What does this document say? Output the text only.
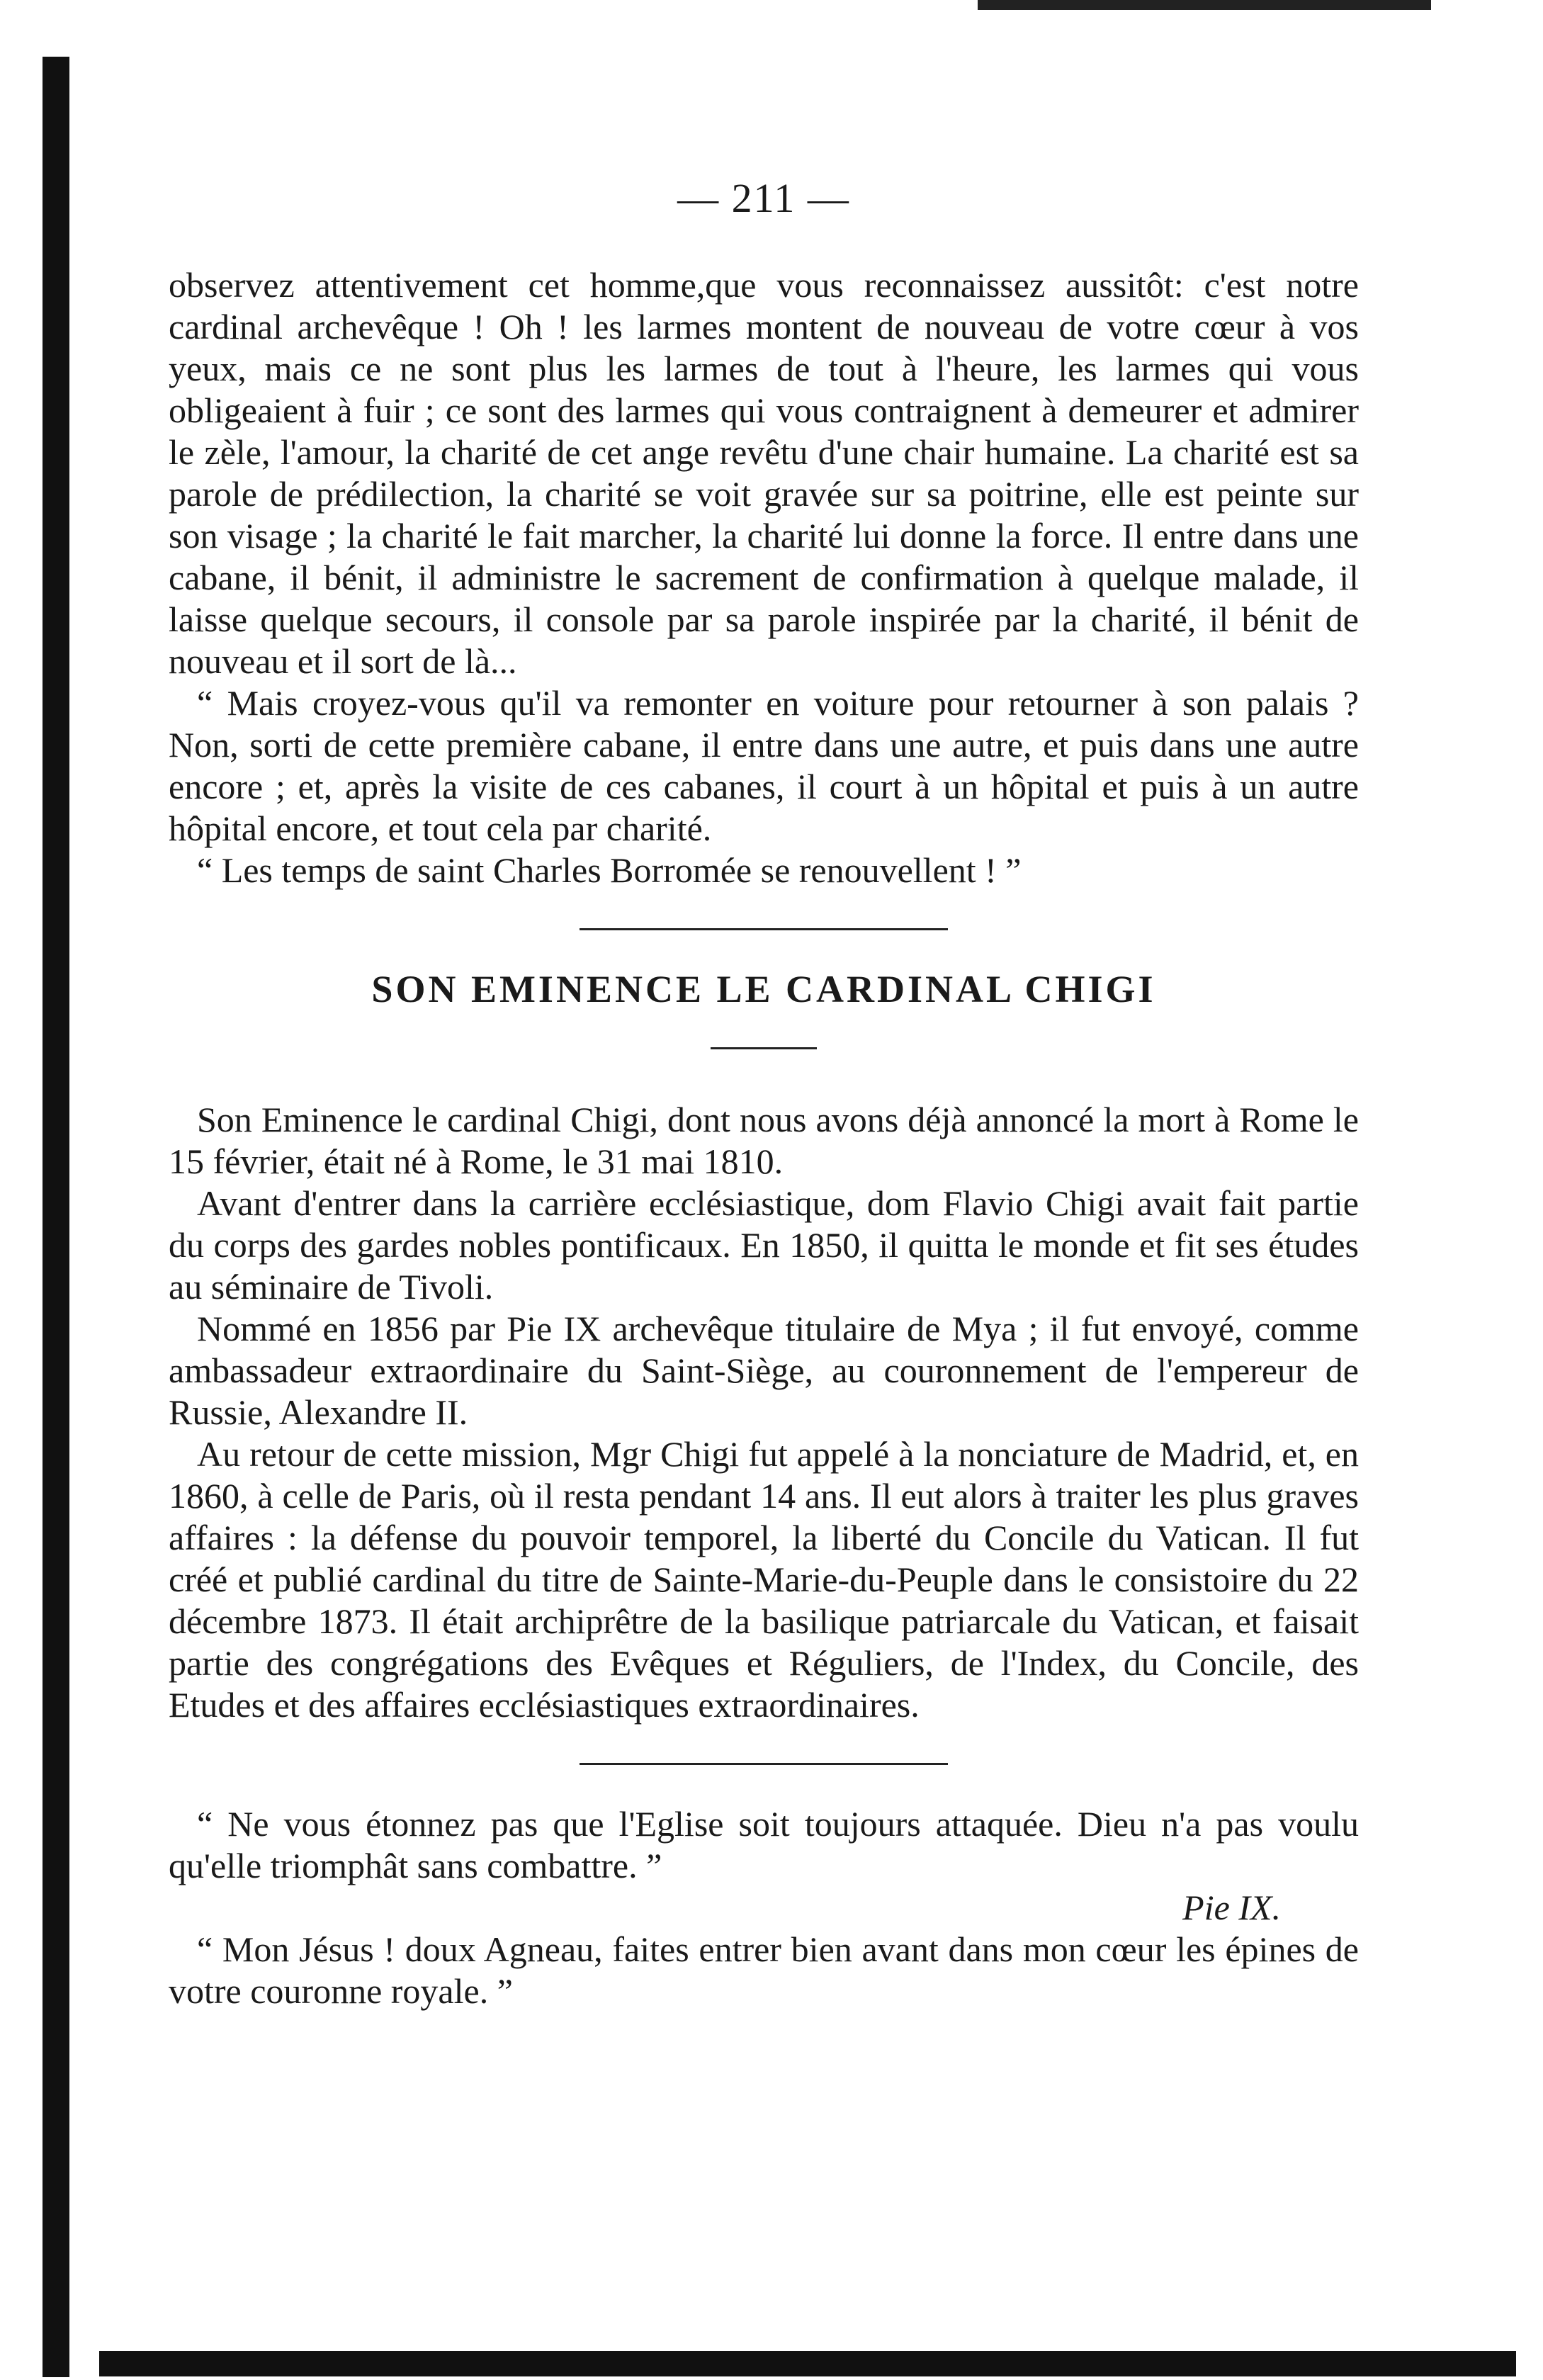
— 211 —

observez attentivement cet homme,que vous reconnaissez aussitôt: c'est notre cardinal archevêque ! Oh ! les larmes montent de nouveau de votre cœur à vos yeux, mais ce ne sont plus les larmes de tout à l'heure, les larmes qui vous obligeaient à fuir ; ce sont des larmes qui vous contraignent à demeurer et admirer le zèle, l'amour, la charité de cet ange revêtu d'une chair humaine. La charité est sa parole de prédilection, la charité se voit gravée sur sa poitrine, elle est peinte sur son visage ; la charité le fait marcher, la charité lui donne la force. Il entre dans une cabane, il bénit, il administre le sacrement de confirmation à quelque malade, il laisse quelque secours, il console par sa parole inspirée par la charité, il bénit de nouveau et il sort de là...

“ Mais croyez-vous qu'il va remonter en voiture pour retourner à son palais ? Non, sorti de cette première cabane, il entre dans une autre, et puis dans une autre encore ; et, après la visite de ces cabanes, il court à un hôpital et puis à un autre hôpital encore, et tout cela par charité.

“ Les temps de saint Charles Borromée se renouvellent ! ”

SON EMINENCE LE CARDINAL CHIGI

Son Eminence le cardinal Chigi, dont nous avons déjà annoncé la mort à Rome le 15 février, était né à Rome, le 31 mai 1810.

Avant d'entrer dans la carrière ecclésiastique, dom Flavio Chigi avait fait partie du corps des gardes nobles pontificaux. En 1850, il quitta le monde et fit ses études au séminaire de Tivoli.

Nommé en 1856 par Pie IX archevêque titulaire de Mya ; il fut envoyé, comme ambassadeur extraordinaire du Saint-Siège, au couronnement de l'empereur de Russie, Alexandre II.

Au retour de cette mission, Mgr Chigi fut appelé à la nonciature de Madrid, et, en 1860, à celle de Paris, où il resta pendant 14 ans. Il eut alors à traiter les plus graves affaires : la défense du pouvoir temporel, la liberté du Concile du Vatican. Il fut créé et publié cardinal du titre de Sainte-Marie-du-Peuple dans le consistoire du 22 décembre 1873. Il était archiprêtre de la basilique patriarcale du Vatican, et faisait partie des congrégations des Evêques et Réguliers, de l'Index, du Concile, des Etudes et des affaires ecclésiastiques extraordinaires.

“ Ne vous étonnez pas que l'Eglise soit toujours attaquée. Dieu n'a pas voulu qu'elle triomphât sans combattre. ”

Pie IX.

“ Mon Jésus ! doux Agneau, faites entrer bien avant dans mon cœur les épines de votre couronne royale. ”
